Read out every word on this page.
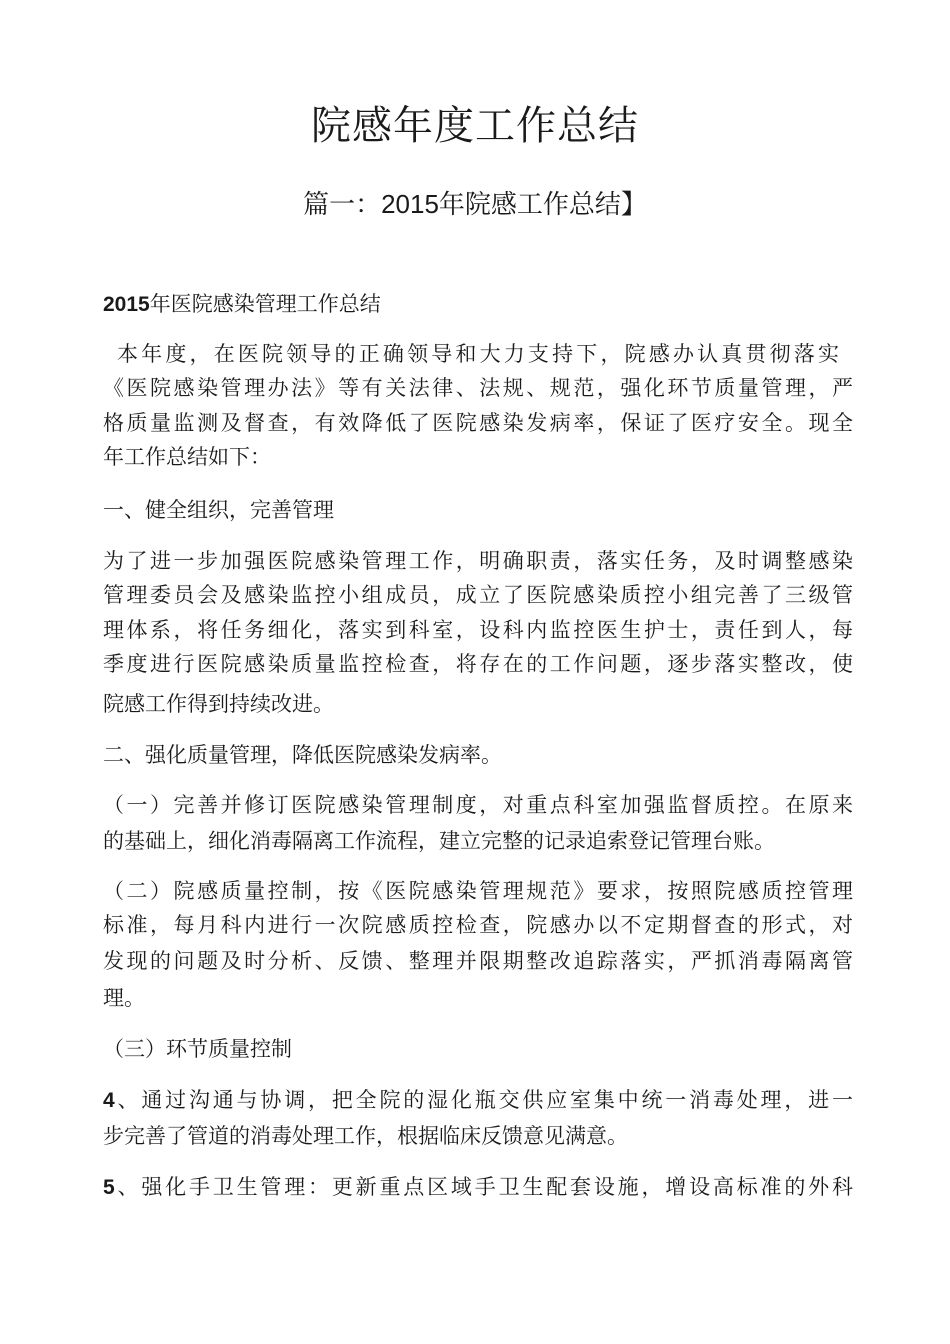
院感年度工作总结
篇一：2015年院感工作总结】
2015年医院感染管理工作总结
本年度，在医院领导的正确领导和大力支持下，院感办认真贯彻落实
《医院感染管理办法》等有关法律、法规、规范，强化环节质量管理，严
格质量监测及督查，有效降低了医院感染发病率，保证了医疗安全。现全
年工作总结如下：
一、健全组织，完善管理
为了进一步加强医院感染管理工作，明确职责，落实任务，及时调整感染
管理委员会及感染监控小组成员，成立了医院感染质控小组完善了三级管
理体系，将任务细化，落实到科室，设科内监控医生护士，责任到人，每
季度进行医院感染质量监控检查，将存在的工作问题，逐步落实整改，使
院感工作得到持续改进。
二、强化质量管理，降低医院感染发病率。
（一）完善并修订医院感染管理制度，对重点科室加强监督质控。在原来
的基础上，细化消毒隔离工作流程，建立完整的记录追索登记管理台账。
（二）院感质量控制，按《医院感染管理规范》要求，按照院感质控管理
标准，每月科内进行一次院感质控检查，院感办以不定期督查的形式，对
发现的问题及时分析、反馈、整理并限期整改追踪落实，严抓消毒隔离管
理。
（三）环节质量控制
4、通过沟通与协调，把全院的湿化瓶交供应室集中统一消毒处理，进一
步完善了管道的消毒处理工作，根据临床反馈意见满意。
5、强化手卫生管理：更新重点区域手卫生配套设施，增设高标准的外科
